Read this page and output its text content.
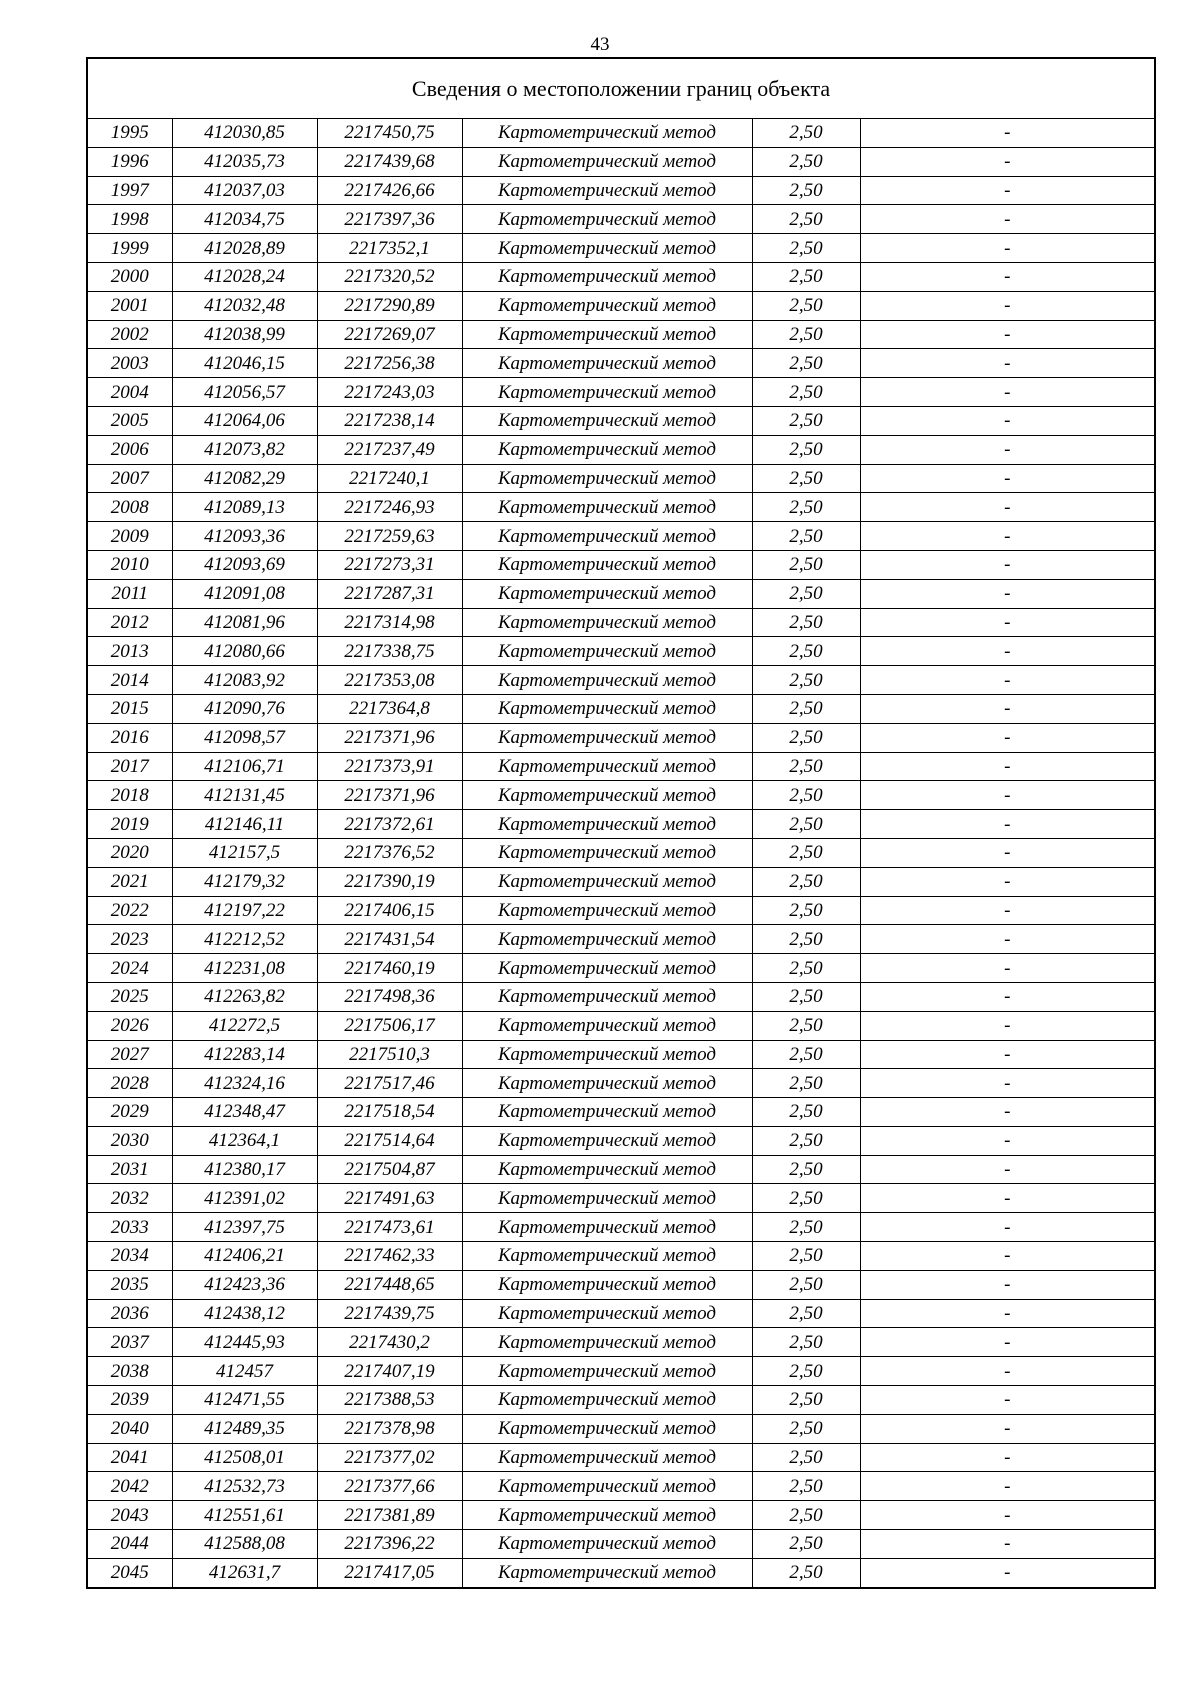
43
Сведения о местоположении границ объекта					
1995	412030,85	2217450,75	Картометрический метод	2,50	-
1996	412035,73	2217439,68	Картометрический метод	2,50	-
1997	412037,03	2217426,66	Картометрический метод	2,50	-
1998	412034,75	2217397,36	Картометрический метод	2,50	-
1999	412028,89	2217352,1	Картометрический метод	2,50	-
2000	412028,24	2217320,52	Картометрический метод	2,50	-
2001	412032,48	2217290,89	Картометрический метод	2,50	-
2002	412038,99	2217269,07	Картометрический метод	2,50	-
2003	412046,15	2217256,38	Картометрический метод	2,50	-
2004	412056,57	2217243,03	Картометрический метод	2,50	-
2005	412064,06	2217238,14	Картометрический метод	2,50	-
2006	412073,82	2217237,49	Картометрический метод	2,50	-
2007	412082,29	2217240,1	Картометрический метод	2,50	-
2008	412089,13	2217246,93	Картометрический метод	2,50	-
2009	412093,36	2217259,63	Картометрический метод	2,50	-
2010	412093,69	2217273,31	Картометрический метод	2,50	-
2011	412091,08	2217287,31	Картометрический метод	2,50	-
2012	412081,96	2217314,98	Картометрический метод	2,50	-
2013	412080,66	2217338,75	Картометрический метод	2,50	-
2014	412083,92	2217353,08	Картометрический метод	2,50	-
2015	412090,76	2217364,8	Картометрический метод	2,50	-
2016	412098,57	2217371,96	Картометрический метод	2,50	-
2017	412106,71	2217373,91	Картометрический метод	2,50	-
2018	412131,45	2217371,96	Картометрический метод	2,50	-
2019	412146,11	2217372,61	Картометрический метод	2,50	-
2020	412157,5	2217376,52	Картометрический метод	2,50	-
2021	412179,32	2217390,19	Картометрический метод	2,50	-
2022	412197,22	2217406,15	Картометрический метод	2,50	-
2023	412212,52	2217431,54	Картометрический метод	2,50	-
2024	412231,08	2217460,19	Картометрический метод	2,50	-
2025	412263,82	2217498,36	Картометрический метод	2,50	-
2026	412272,5	2217506,17	Картометрический метод	2,50	-
2027	412283,14	2217510,3	Картометрический метод	2,50	-
2028	412324,16	2217517,46	Картометрический метод	2,50	-
2029	412348,47	2217518,54	Картометрический метод	2,50	-
2030	412364,1	2217514,64	Картометрический метод	2,50	-
2031	412380,17	2217504,87	Картометрический метод	2,50	-
2032	412391,02	2217491,63	Картометрический метод	2,50	-
2033	412397,75	2217473,61	Картометрический метод	2,50	-
2034	412406,21	2217462,33	Картометрический метод	2,50	-
2035	412423,36	2217448,65	Картометрический метод	2,50	-
2036	412438,12	2217439,75	Картометрический метод	2,50	-
2037	412445,93	2217430,2	Картометрический метод	2,50	-
2038	412457	2217407,19	Картометрический метод	2,50	-
2039	412471,55	2217388,53	Картометрический метод	2,50	-
2040	412489,35	2217378,98	Картометрический метод	2,50	-
2041	412508,01	2217377,02	Картометрический метод	2,50	-
2042	412532,73	2217377,66	Картометрический метод	2,50	-
2043	412551,61	2217381,89	Картометрический метод	2,50	-
2044	412588,08	2217396,22	Картометрический метод	2,50	-
2045	412631,7	2217417,05	Картометрический метод	2,50	-
